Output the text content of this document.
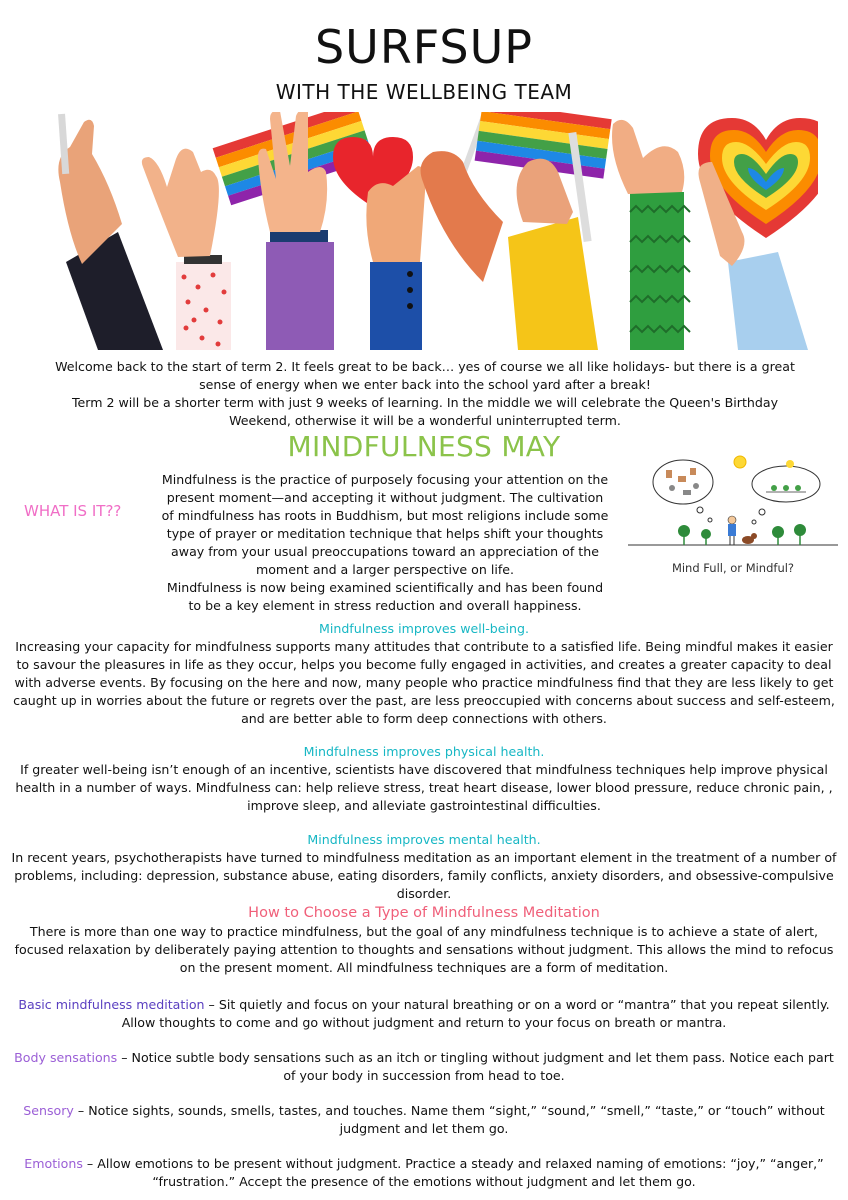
SURFSUP
WITH THE WELLBEING TEAM

Welcome back to the start of term 2. It feels great to be back… yes of course we all like holidays- but there is a great sense of energy when we enter back into the school yard after a break!

Term 2 will be a shorter term with just 9 weeks of learning. In the middle we will celebrate the Queen's Birthday Weekend, otherwise it will be a wonderful uninterrupted term.

MINDFULNESS MAY
WHAT IS IT??

Mindfulness is the practice of purposely focusing your attention on the present moment—and accepting it without judgment. The cultivation of mindfulness has roots in Buddhism, but most religions include some type of prayer or meditation technique that helps shift your thoughts away from your usual preoccupations toward an appreciation of the moment and a larger perspective on life.

Mindfulness is now being examined scientifically and has been found to be a key element in stress reduction and overall happiness.

Mind Full, or Mindful?

Mindfulness improves well-being.

Increasing your capacity for mindfulness supports many attitudes that contribute to a satisfied life. Being mindful makes it easier to savour the pleasures in life as they occur, helps you become fully engaged in activities, and creates a greater capacity to deal with adverse events. By focusing on the here and now, many people who practice mindfulness find that they are less likely to get caught up in worries about the future or regrets over the past, are less preoccupied with concerns about success and self-esteem, and are better able to form deep connections with others.

Mindfulness improves physical health.

If greater well-being isn’t enough of an incentive, scientists have discovered that mindfulness techniques help improve physical health in a number of ways. Mindfulness can: help relieve stress, treat heart disease, lower blood pressure, reduce chronic pain, , improve sleep, and alleviate gastrointestinal difficulties.

Mindfulness improves mental health.

In recent years, psychotherapists have turned to mindfulness meditation as an important element in the treatment of a number of problems, including: depression, substance abuse, eating disorders, family conflicts, anxiety disorders, and obsessive-compulsive disorder.

How to Choose a Type of Mindfulness Meditation

There is more than one way to practice mindfulness, but the goal of any mindfulness technique is to achieve a state of alert, focused relaxation by deliberately paying attention to thoughts and sensations without judgment. This allows the mind to refocus on the present moment. All mindfulness techniques are a form of meditation.

Basic mindfulness meditation – Sit quietly and focus on your natural breathing or on a word or “mantra” that you repeat silently. Allow thoughts to come and go without judgment and return to your focus on breath or mantra.

Body sensations – Notice subtle body sensations such as an itch or tingling without judgment and let them pass. Notice each part of your body in succession from head to toe.

Sensory – Notice sights, sounds, smells, tastes, and touches. Name them “sight,” “sound,” “smell,” “taste,” or “touch” without judgment and let them go.

Emotions – Allow emotions to be present without judgment. Practice a steady and relaxed naming of emotions: “joy,” “anger,” “frustration.” Accept the presence of the emotions without judgment and let them go.
